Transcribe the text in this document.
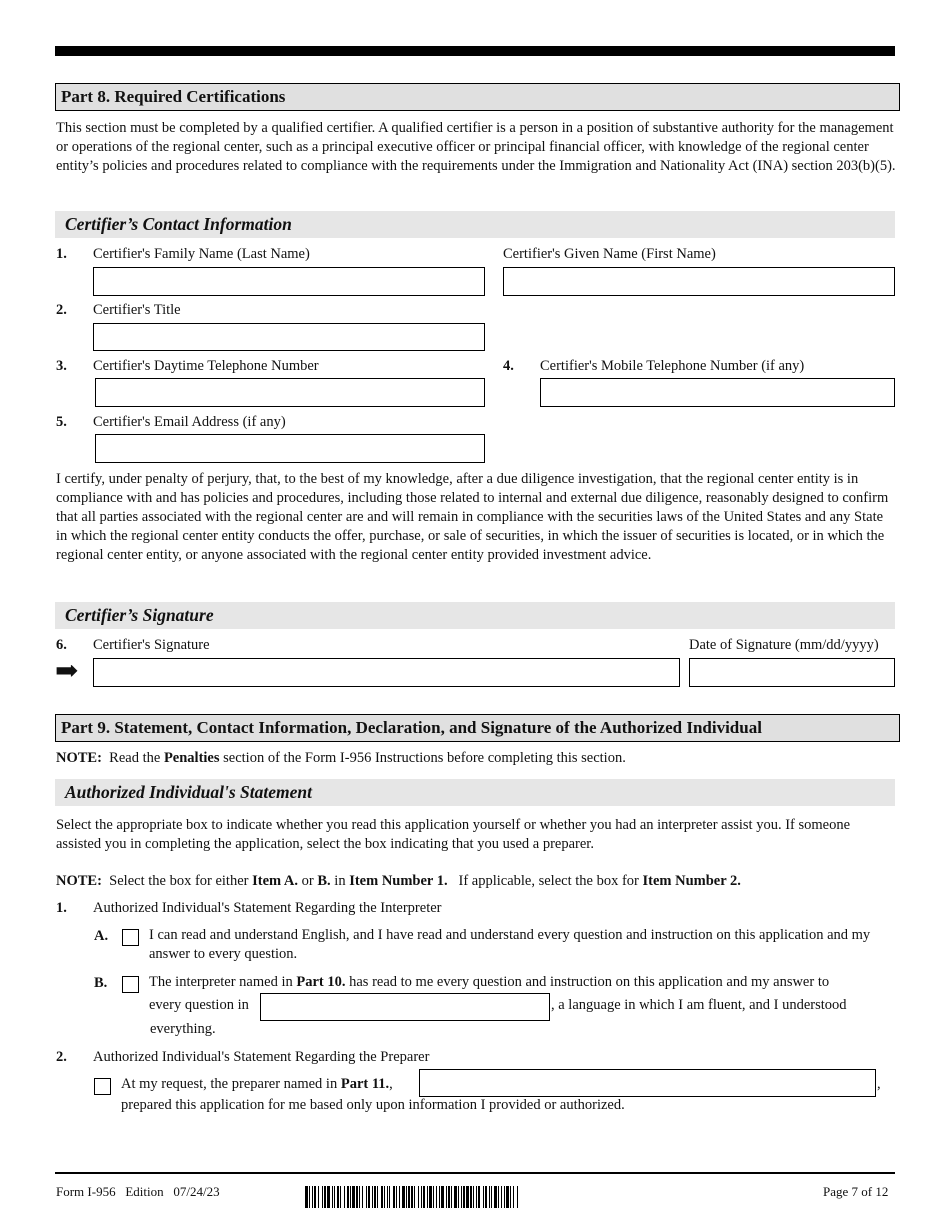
Part 8. Required Certifications
This section must be completed by a qualified certifier. A qualified certifier is a person in a position of substantive authority for the management or operations of the regional center, such as a principal executive officer or principal financial officer, with knowledge of the regional center entity’s policies and procedures related to compliance with the requirements under the Immigration and Nationality Act (INA) section 203(b)(5).
Certifier’s Contact Information
1. Certifier's Family Name (Last Name)	Certifier's Given Name (First Name)
2. Certifier's Title
3. Certifier's Daytime Telephone Number	4. Certifier's Mobile Telephone Number (if any)
5. Certifier's Email Address (if any)
I certify, under penalty of perjury, that, to the best of my knowledge, after a due diligence investigation, that the regional center entity is in compliance with and has policies and procedures, including those related to internal and external due diligence, reasonably designed to confirm that all parties associated with the regional center are and will remain in compliance with the securities laws of the United States and any State in which the regional center entity conducts the offer, purchase, or sale of securities, in which the issuer of securities is located, or in which the regional center entity, or anyone associated with the regional center entity provided investment advice.
Certifier’s Signature
6. Certifier's Signature	Date of Signature (mm/dd/yyyy)
➡
Part 9. Statement, Contact Information, Declaration, and Signature of the Authorized Individual
NOTE: Read the Penalties section of the Form I-956 Instructions before completing this section.
Authorized Individual's Statement
Select the appropriate box to indicate whether you read this application yourself or whether you had an interpreter assist you. If someone assisted you in completing the application, select the box indicating that you used a preparer.
NOTE: Select the box for either Item A. or B. in Item Number 1. If applicable, select the box for Item Number 2.
1. Authorized Individual's Statement Regarding the Interpreter
A.	I can read and understand English, and I have read and understand every question and instruction on this application and my answer to every question.
B.	The interpreter named in Part 10. has read to me every question and instruction on this application and my answer to
every question in	, a language in which I am fluent, and I understood
everything.
2. Authorized Individual's Statement Regarding the Preparer
At my request, the preparer named in Part 11.,	,
prepared this application for me based only upon information I provided or authorized.
Form I-956   Edition   07/24/23	Page 7 of 12
